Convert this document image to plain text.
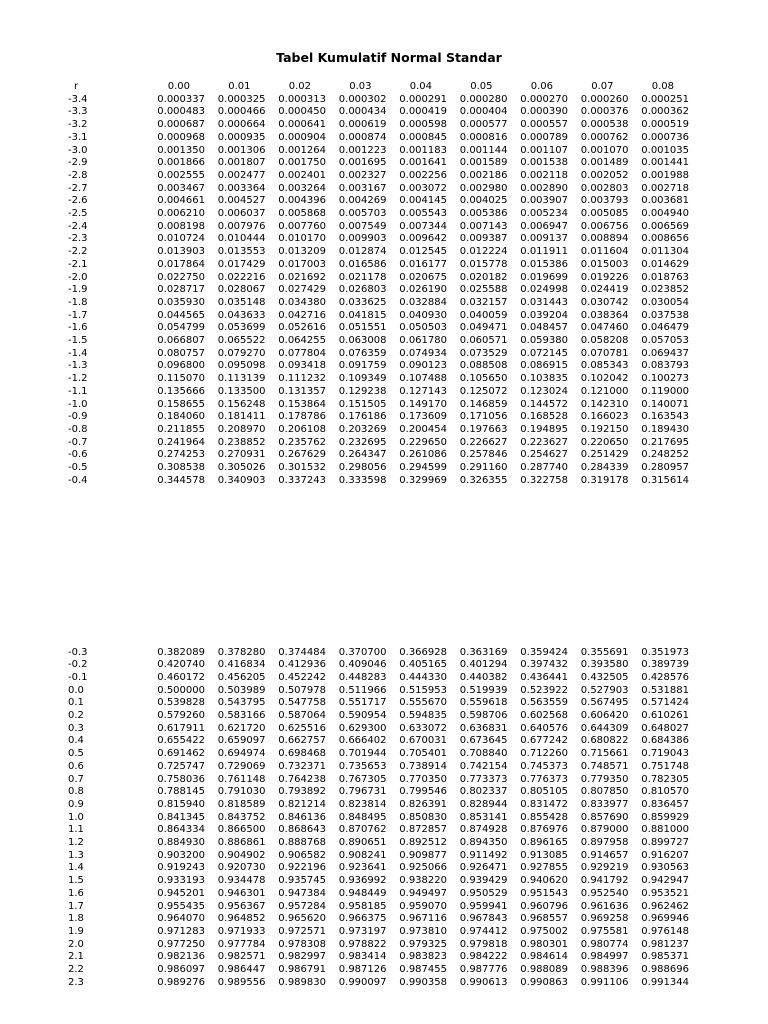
Tabel Kumulatif Normal Standar
r	0.00	0.01	0.02	0.03	0.04	0.05	0.06	0.07	0.08
-3.4	0.000337	0.000325	0.000313	0.000302	0.000291	0.000280	0.000270	0.000260	0.000251
-3.3	0.000483	0.000466	0.000450	0.000434	0.000419	0.000404	0.000390	0.000376	0.000362
-3.2	0.000687	0.000664	0.000641	0.000619	0.000598	0.000577	0.000557	0.000538	0.000519
-3.1	0.000968	0.000935	0.000904	0.000874	0.000845	0.000816	0.000789	0.000762	0.000736
-3.0	0.001350	0.001306	0.001264	0.001223	0.001183	0.001144	0.001107	0.001070	0.001035
-2.9	0.001866	0.001807	0.001750	0.001695	0.001641	0.001589	0.001538	0.001489	0.001441
-2.8	0.002555	0.002477	0.002401	0.002327	0.002256	0.002186	0.002118	0.002052	0.001988
-2.7	0.003467	0.003364	0.003264	0.003167	0.003072	0.002980	0.002890	0.002803	0.002718
-2.6	0.004661	0.004527	0.004396	0.004269	0.004145	0.004025	0.003907	0.003793	0.003681
-2.5	0.006210	0.006037	0.005868	0.005703	0.005543	0.005386	0.005234	0.005085	0.004940
-2.4	0.008198	0.007976	0.007760	0.007549	0.007344	0.007143	0.006947	0.006756	0.006569
-2.3	0.010724	0.010444	0.010170	0.009903	0.009642	0.009387	0.009137	0.008894	0.008656
-2.2	0.013903	0.013553	0.013209	0.012874	0.012545	0.012224	0.011911	0.011604	0.011304
-2.1	0.017864	0.017429	0.017003	0.016586	0.016177	0.015778	0.015386	0.015003	0.014629
-2.0	0.022750	0.022216	0.021692	0.021178	0.020675	0.020182	0.019699	0.019226	0.018763
-1.9	0.028717	0.028067	0.027429	0.026803	0.026190	0.025588	0.024998	0.024419	0.023852
-1.8	0.035930	0.035148	0.034380	0.033625	0.032884	0.032157	0.031443	0.030742	0.030054
-1.7	0.044565	0.043633	0.042716	0.041815	0.040930	0.040059	0.039204	0.038364	0.037538
-1.6	0.054799	0.053699	0.052616	0.051551	0.050503	0.049471	0.048457	0.047460	0.046479
-1.5	0.066807	0.065522	0.064255	0.063008	0.061780	0.060571	0.059380	0.058208	0.057053
-1.4	0.080757	0.079270	0.077804	0.076359	0.074934	0.073529	0.072145	0.070781	0.069437
-1.3	0.096800	0.095098	0.093418	0.091759	0.090123	0.088508	0.086915	0.085343	0.083793
-1.2	0.115070	0.113139	0.111232	0.109349	0.107488	0.105650	0.103835	0.102042	0.100273
-1.1	0.135666	0.133500	0.131357	0.129238	0.127143	0.125072	0.123024	0.121000	0.119000
-1.0	0.158655	0.156248	0.153864	0.151505	0.149170	0.146859	0.144572	0.142310	0.140071
-0.9	0.184060	0.181411	0.178786	0.176186	0.173609	0.171056	0.168528	0.166023	0.163543
-0.8	0.211855	0.208970	0.206108	0.203269	0.200454	0.197663	0.194895	0.192150	0.189430
-0.7	0.241964	0.238852	0.235762	0.232695	0.229650	0.226627	0.223627	0.220650	0.217695
-0.6	0.274253	0.270931	0.267629	0.264347	0.261086	0.257846	0.254627	0.251429	0.248252
-0.5	0.308538	0.305026	0.301532	0.298056	0.294599	0.291160	0.287740	0.284339	0.280957
-0.4	0.344578	0.340903	0.337243	0.333598	0.329969	0.326355	0.322758	0.319178	0.315614
-0.3	0.382089	0.378280	0.374484	0.370700	0.366928	0.363169	0.359424	0.355691	0.351973
-0.2	0.420740	0.416834	0.412936	0.409046	0.405165	0.401294	0.397432	0.393580	0.389739
-0.1	0.460172	0.456205	0.452242	0.448283	0.444330	0.440382	0.436441	0.432505	0.428576
0.0	0.500000	0.503989	0.507978	0.511966	0.515953	0.519939	0.523922	0.527903	0.531881
0.1	0.539828	0.543795	0.547758	0.551717	0.555670	0.559618	0.563559	0.567495	0.571424
0.2	0.579260	0.583166	0.587064	0.590954	0.594835	0.598706	0.602568	0.606420	0.610261
0.3	0.617911	0.621720	0.625516	0.629300	0.633072	0.636831	0.640576	0.644309	0.648027
0.4	0.655422	0.659097	0.662757	0.666402	0.670031	0.673645	0.677242	0.680822	0.684386
0.5	0.691462	0.694974	0.698468	0.701944	0.705401	0.708840	0.712260	0.715661	0.719043
0.6	0.725747	0.729069	0.732371	0.735653	0.738914	0.742154	0.745373	0.748571	0.751748
0.7	0.758036	0.761148	0.764238	0.767305	0.770350	0.773373	0.776373	0.779350	0.782305
0.8	0.788145	0.791030	0.793892	0.796731	0.799546	0.802337	0.805105	0.807850	0.810570
0.9	0.815940	0.818589	0.821214	0.823814	0.826391	0.828944	0.831472	0.833977	0.836457
1.0	0.841345	0.843752	0.846136	0.848495	0.850830	0.853141	0.855428	0.857690	0.859929
1.1	0.864334	0.866500	0.868643	0.870762	0.872857	0.874928	0.876976	0.879000	0.881000
1.2	0.884930	0.886861	0.888768	0.890651	0.892512	0.894350	0.896165	0.897958	0.899727
1.3	0.903200	0.904902	0.906582	0.908241	0.909877	0.911492	0.913085	0.914657	0.916207
1.4	0.919243	0.920730	0.922196	0.923641	0.925066	0.926471	0.927855	0.929219	0.930563
1.5	0.933193	0.934478	0.935745	0.936992	0.938220	0.939429	0.940620	0.941792	0.942947
1.6	0.945201	0.946301	0.947384	0.948449	0.949497	0.950529	0.951543	0.952540	0.953521
1.7	0.955435	0.956367	0.957284	0.958185	0.959070	0.959941	0.960796	0.961636	0.962462
1.8	0.964070	0.964852	0.965620	0.966375	0.967116	0.967843	0.968557	0.969258	0.969946
1.9	0.971283	0.971933	0.972571	0.973197	0.973810	0.974412	0.975002	0.975581	0.976148
2.0	0.977250	0.977784	0.978308	0.978822	0.979325	0.979818	0.980301	0.980774	0.981237
2.1	0.982136	0.982571	0.982997	0.983414	0.983823	0.984222	0.984614	0.984997	0.985371
2.2	0.986097	0.986447	0.986791	0.987126	0.987455	0.987776	0.988089	0.988396	0.988696
2.3	0.989276	0.989556	0.989830	0.990097	0.990358	0.990613	0.990863	0.991106	0.991344
